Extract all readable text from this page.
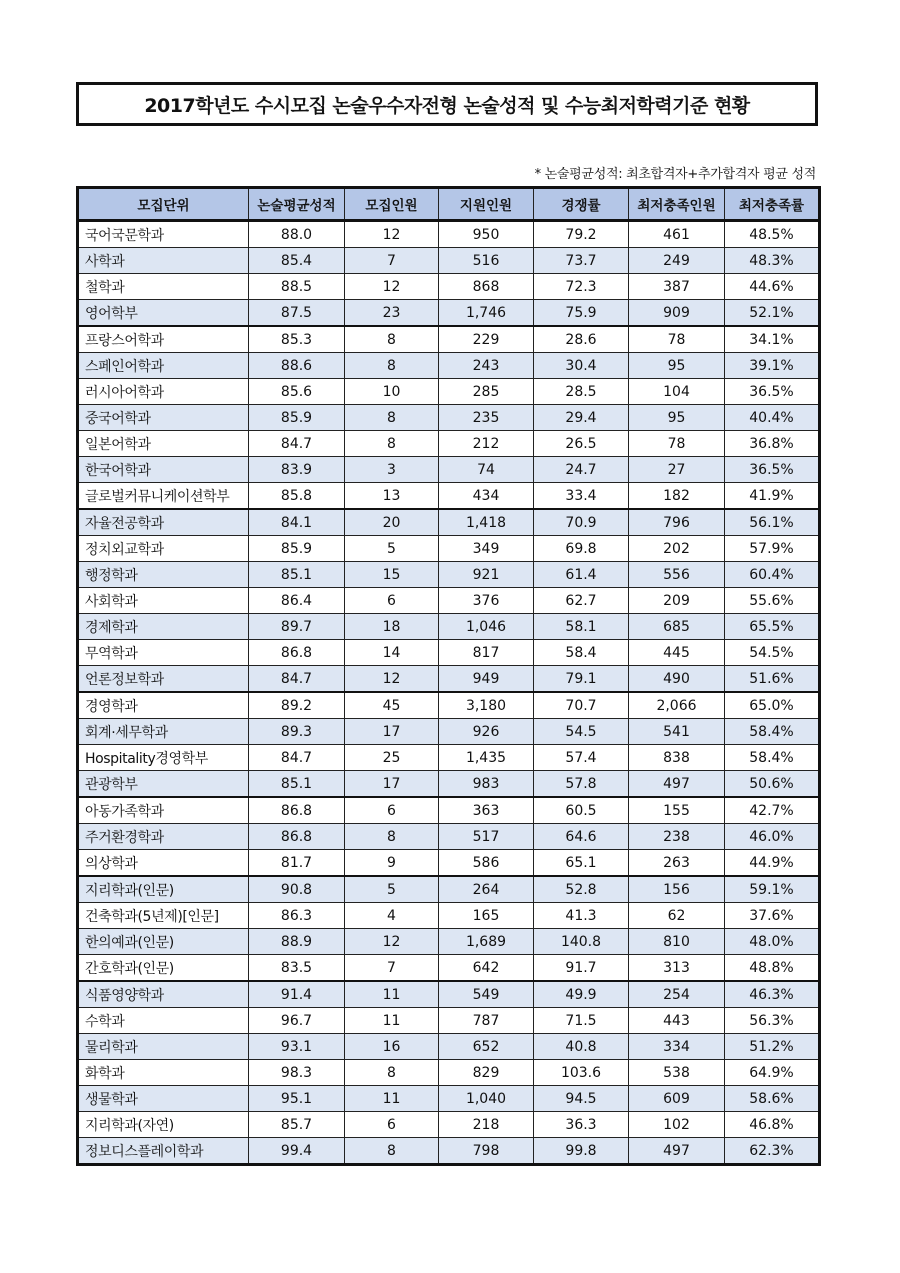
2017학년도 수시모집 논술우수자전형 논술성적 및 수능최저학력기준 현황
* 논술평균성적: 최초합격자+추가합격자 평균 성적
모집단위	논술평균성적	모집인원	지원인원	경쟁률	최저충족인원	최저충족률
국어국문학과	88.0	12	950	79.2	461	48.5%
사학과	85.4	7	516	73.7	249	48.3%
철학과	88.5	12	868	72.3	387	44.6%
영어학부	87.5	23	1,746	75.9	909	52.1%
프랑스어학과	85.3	8	229	28.6	78	34.1%
스페인어학과	88.6	8	243	30.4	95	39.1%
러시아어학과	85.6	10	285	28.5	104	36.5%
중국어학과	85.9	8	235	29.4	95	40.4%
일본어학과	84.7	8	212	26.5	78	36.8%
한국어학과	83.9	3	74	24.7	27	36.5%
글로벌커뮤니케이션학부	85.8	13	434	33.4	182	41.9%
자율전공학과	84.1	20	1,418	70.9	796	56.1%
정치외교학과	85.9	5	349	69.8	202	57.9%
행정학과	85.1	15	921	61.4	556	60.4%
사회학과	86.4	6	376	62.7	209	55.6%
경제학과	89.7	18	1,046	58.1	685	65.5%
무역학과	86.8	14	817	58.4	445	54.5%
언론정보학과	84.7	12	949	79.1	490	51.6%
경영학과	89.2	45	3,180	70.7	2,066	65.0%
회계·세무학과	89.3	17	926	54.5	541	58.4%
Hospitality경영학부	84.7	25	1,435	57.4	838	58.4%
관광학부	85.1	17	983	57.8	497	50.6%
아동가족학과	86.8	6	363	60.5	155	42.7%
주거환경학과	86.8	8	517	64.6	238	46.0%
의상학과	81.7	9	586	65.1	263	44.9%
지리학과(인문)	90.8	5	264	52.8	156	59.1%
건축학과(5년제)[인문]	86.3	4	165	41.3	62	37.6%
한의예과(인문)	88.9	12	1,689	140.8	810	48.0%
간호학과(인문)	83.5	7	642	91.7	313	48.8%
식품영양학과	91.4	11	549	49.9	254	46.3%
수학과	96.7	11	787	71.5	443	56.3%
물리학과	93.1	16	652	40.8	334	51.2%
화학과	98.3	8	829	103.6	538	64.9%
생물학과	95.1	11	1,040	94.5	609	58.6%
지리학과(자연)	85.7	6	218	36.3	102	46.8%
정보디스플레이학과	99.4	8	798	99.8	497	62.3%
